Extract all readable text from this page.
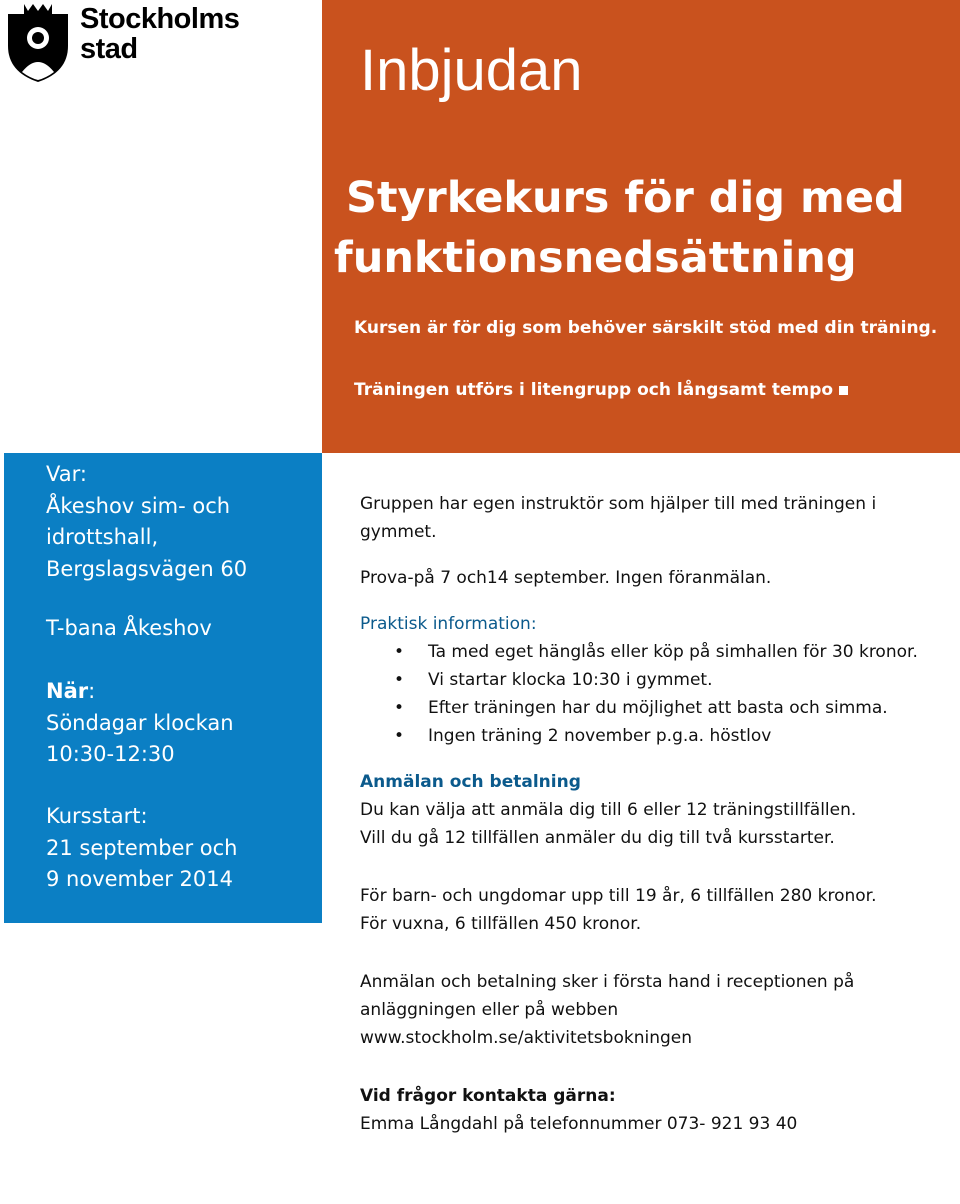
Stockholms
stad	Inbjudan
Styrkekurs för dig med
funktionsnedsättning
Kursen är för dig som behöver särskilt stöd med din träning.
Träningen utförs i litengrupp och långsamt tempo
Var:
Åkeshov sim- och
idrottshall,
Bergslagsvägen 60
T-bana Åkeshov
När:
Söndagar klockan
10:30-12:30
Kursstart:
21 september och
9 november 2014

Gruppen har egen instruktör som hjälper till med träningen i gymmet.

Prova-på 7 och14 september. Ingen föranmälan.

Praktisk information:

• Ta med eget hänglås eller köp på simhallen för 30 kronor.
• Vi startar klocka 10:30 i gymmet.
• Efter träningen har du möjlighet att basta och simma.
• Ingen träning 2 november p.g.a. höstlov

Anmälan och betalning

Du kan välja att anmäla dig till 6 eller 12 träningstillfällen.

Vill du gå 12 tillfällen anmäler du dig till två kursstarter.

För barn- och ungdomar upp till 19 år, 6 tillfällen 280 kronor.

För vuxna, 6 tillfällen 450 kronor.

Anmälan och betalning sker i första hand i receptionen på anläggningen eller på webben

www.stockholm.se/aktivitetsbokningen

Vid frågor kontakta gärna:

Emma Långdahl på telefonnummer 073- 921 93 40
